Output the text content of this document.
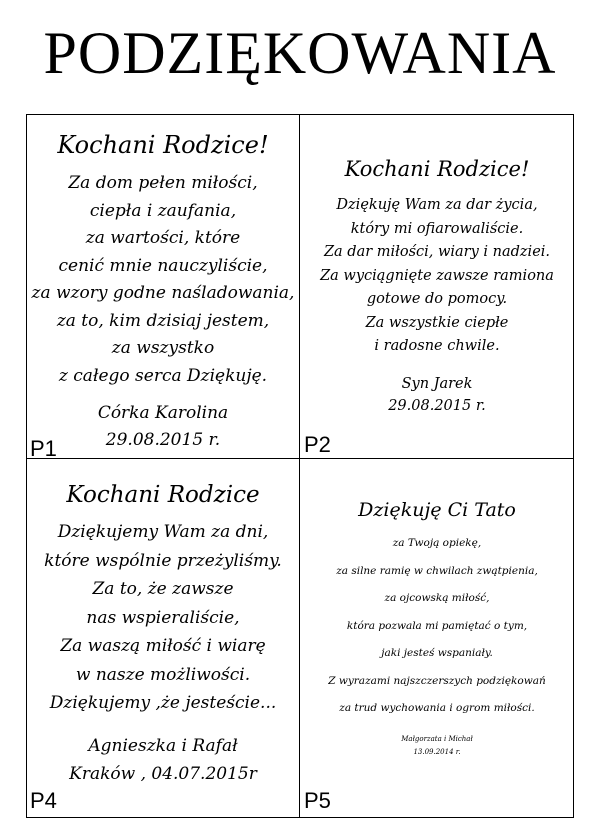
PODZIĘKOWANIA
Kochani Rodzice!

Za dom pełen miłości,

ciepła i zaufania,

za wartości, które

cenić mnie nauczyliście,

za wzory godne naśladowania,

za to, kim dzisiaj jestem,

za wszystko

z całego serca Dziękuję.

Córka Karolina

29.08.2015 r.

P1
Kochani Rodzice!

Dziękuję Wam za dar życia,

który mi ofiarowaliście.

Za dar miłości, wiary i nadziei.

Za wyciągnięte zawsze ramiona

gotowe do pomocy.

Za wszystkie ciepłe

i radosne chwile.

Syn Jarek

29.08.2015 r.

P2
Kochani Rodzice

Dziękujemy Wam za dni,

które wspólnie przeżyliśmy.

Za to, że zawsze

nas wspieraliście,

Za waszą miłość i wiarę

w nasze możliwości.

Dziękujemy ,że jesteście...

Agnieszka i Rafał

Kraków , 04.07.2015r

P4
Dziękuję Ci Tato

za Twoją opiekę,

za silne ramię w chwilach zwątpienia,

za ojcowską miłość,

która pozwala mi pamiętać o tym,

jaki jesteś wspaniały.

Z wyrazami najszczerszych podziękowań

za trud wychowania i ogrom miłości.

Małgorzata i Michał

13.09.2014 r.

P5
